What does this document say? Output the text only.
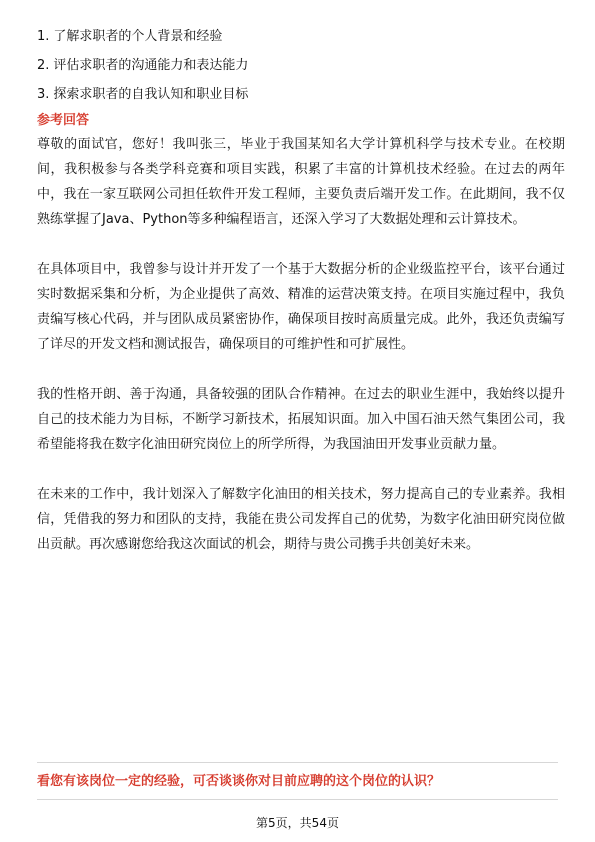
1. 了解求职者的个人背景和经验
2. 评估求职者的沟通能力和表达能力
3. 探索求职者的自我认知和职业目标
参考回答

尊敬的面试官，您好！我叫张三，毕业于我国某知名大学计算机科学与技术专业。在校期间，我积极参与各类学科竞赛和项目实践，积累了丰富的计算机技术经验。在过去的两年中，我在一家互联网公司担任软件开发工程师，主要负责后端开发工作。在此期间，我不仅熟练掌握了Java、Python等多种编程语言，还深入学习了大数据处理和云计算技术。

在具体项目中，我曾参与设计并开发了一个基于大数据分析的企业级监控平台，该平台通过实时数据采集和分析，为企业提供了高效、精准的运营决策支持。在项目实施过程中，我负责编写核心代码，并与团队成员紧密协作，确保项目按时高质量完成。此外，我还负责编写了详尽的开发文档和测试报告，确保项目的可维护性和可扩展性。

我的性格开朗、善于沟通，具备较强的团队合作精神。在过去的职业生涯中，我始终以提升自己的技术能力为目标，不断学习新技术，拓展知识面。加入中国石油天然气集团公司，我希望能将我在数字化油田研究岗位上的所学所得，为我国油田开发事业贡献力量。

在未来的工作中，我计划深入了解数字化油田的相关技术，努力提高自己的专业素养。我相信，凭借我的努力和团队的支持，我能在贵公司发挥自己的优势，为数字化油田研究岗位做出贡献。再次感谢您给我这次面试的机会，期待与贵公司携手共创美好未来。

看您有该岗位一定的经验，可否谈谈你对目前应聘的这个岗位的认识？
第5页，共54页
